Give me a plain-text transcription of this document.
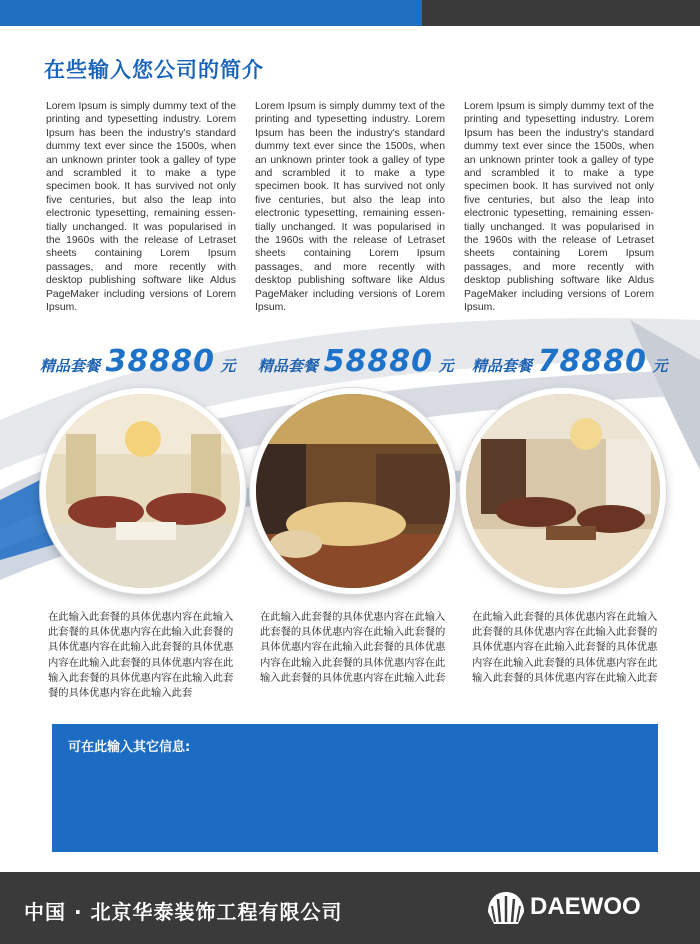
在些输入您公司的简介
Lorem Ipsum is simply dummy text of the printing and typesetting industry. Lorem Ipsum has been the industry's standard dummy text ever since the 1500s, when an unknown printer took a galley of type and scrambled it to make a type specimen book. It has survived not only five centuries, but also the leap into electronic typesetting, remaining essen-tially unchanged. It was popularised in the 1960s with the release of Letraset sheets containing Lorem Ipsum passages, and more recently with desktop publishing software like Aldus PageMaker including versions of Lorem Ipsum.
Lorem Ipsum is simply dummy text of the printing and typesetting industry. Lorem Ipsum has been the industry's standard dummy text ever since the 1500s, when an unknown printer took a galley of type and scrambled it to make a type specimen book. It has survived not only five centuries, but also the leap into electronic typesetting, remaining essen-tially unchanged. It was popularised in the 1960s with the release of Letraset sheets containing Lorem Ipsum passages, and more recently with desktop publishing software like Aldus PageMaker including versions of Lorem Ipsum.
Lorem Ipsum is simply dummy text of the printing and typesetting industry. Lorem Ipsum has been the industry's standard dummy text ever since the 1500s, when an unknown printer took a galley of type and scrambled it to make a type specimen book. It has survived not only five centuries, but also the leap into electronic typesetting, remaining essen-tially unchanged. It was popularised in the 1960s with the release of Letraset sheets containing Lorem Ipsum passages, and more recently with desktop publishing software like Aldus PageMaker including versions of Lorem Ipsum.
精品套餐 38880 元
在此输入此套餐的具体优惠内容在此输入此套餐的具体优惠内容在此输入此套餐的具体优惠内容在此输入此套餐的具体优惠内容在此输入此套餐的具体优惠内容在此输入此套餐的具体优惠内容在此输入此套餐的具体优惠内容在此输入此套
精品套餐 58880 元
在此输入此套餐的具体优惠内容在此输入此套餐的具体优惠内容在此输入此套餐的具体优惠内容在此输入此套餐的具体优惠内容在此输入此套餐的具体优惠内容在此输入此套餐的具体优惠内容在此输入此套
精品套餐 78880 元
在此输入此套餐的具体优惠内容在此输入此套餐的具体优惠内容在此输入此套餐的具体优惠内容在此输入此套餐的具体优惠内容在此输入此套餐的具体优惠内容在此输入此套餐的具体优惠内容在此输入此套
可在此输入其它信息:
中国 · 北京华泰装饰工程有限公司	DAEWOO
